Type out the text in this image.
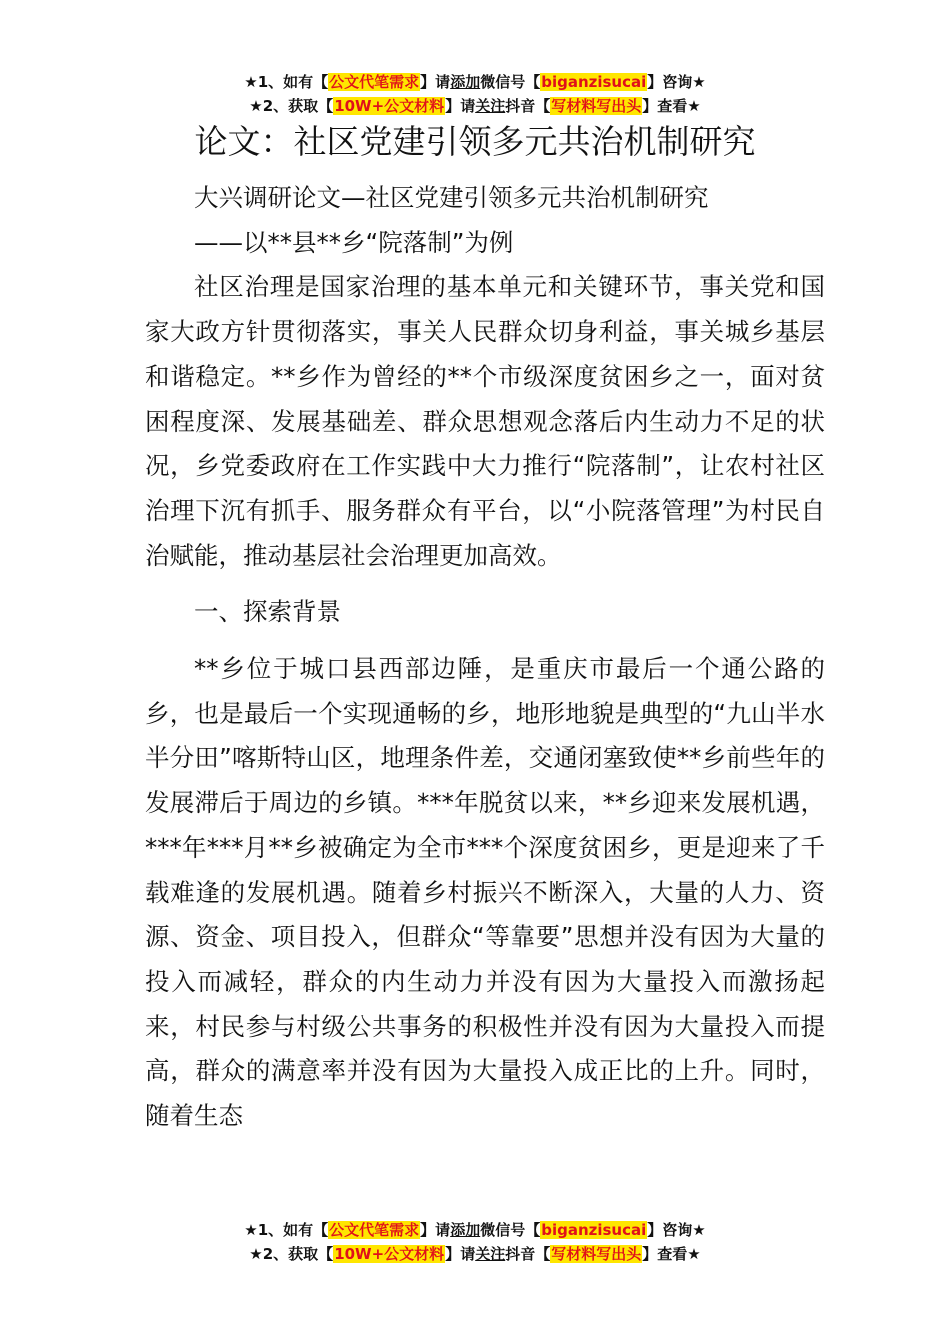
★1、如有【公文代笔需求】请添加微信号【biganzisucai】咨询★
★2、获取【10W+公文材料】请关注抖音【写材料写出头】查看★
论文：社区党建引领多元共治机制研究

大兴调研论文—社区党建引领多元共治机制研究

——以**县**乡“院落制”为例

社区治理是国家治理的基本单元和关键环节，事关党和国家大政方针贯彻落实，事关人民群众切身利益，事关城乡基层和谐稳定。**乡作为曾经的**个市级深度贫困乡之一，面对贫困程度深、发展基础差、群众思想观念落后内生动力不足的状况，乡党委政府在工作实践中大力推行“院落制”，让农村社区治理下沉有抓手、服务群众有平台，以“小院落管理”为村民自治赋能，推动基层社会治理更加高效。

一、探索背景

**乡位于城口县西部边陲，是重庆市最后一个通公路的乡，也是最后一个实现通畅的乡，地形地貌是典型的“九山半水半分田”喀斯特山区，地理条件差，交通闭塞致使**乡前些年的发展滞后于周边的乡镇。***年脱贫以来，**乡迎来发展机遇，***年***月**乡被确定为全市***个深度贫困乡，更是迎来了千载难逢的发展机遇。随着乡村振兴不断深入，大量的人力、资源、资金、项目投入，但群众“等靠要”思想并没有因为大量的投入而减轻，群众的内生动力并没有因为大量投入而激扬起来，村民参与村级公共事务的积极性并没有因为大量投入而提高，群众的满意率并没有因为大量投入成正比的上升。同时，随着生态

★1、如有【公文代笔需求】请添加微信号【biganzisucai】咨询★
★2、获取【10W+公文材料】请关注抖音【写材料写出头】查看★
